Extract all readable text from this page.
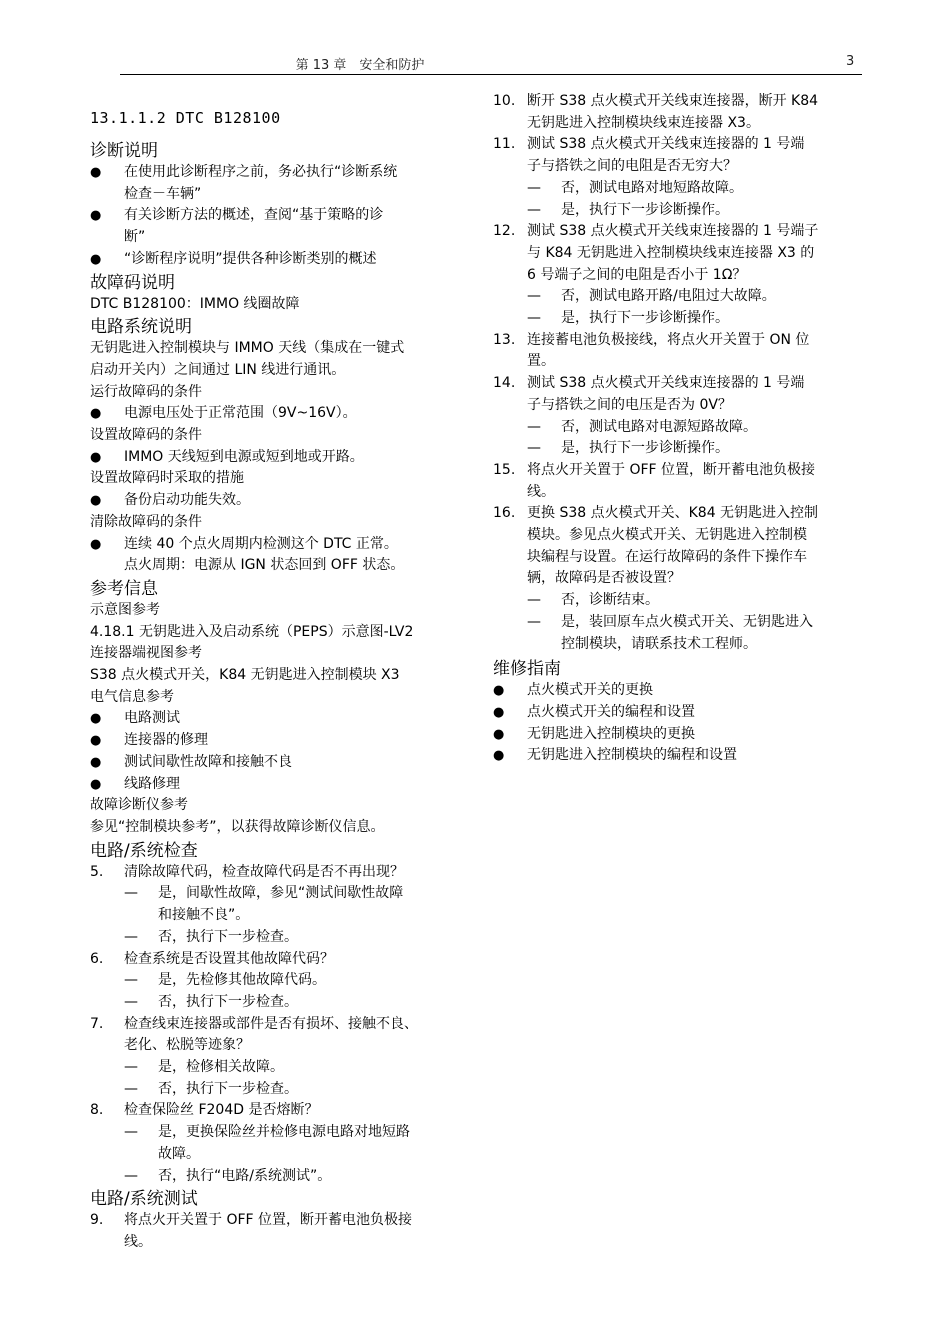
第 13 章　安全和防护	3
13.1.1.2 DTC B128100
诊断说明
● 在使用此诊断程序之前，务必执行“诊断系统
检查－车辆”
● 有关诊断方法的概述，查阅“基于策略的诊
断”
● “诊断程序说明”提供各种诊断类别的概述
故障码说明
DTC B128100：IMMO 线圈故障
电路系统说明
无钥匙进入控制模块与 IMMO 天线（集成在一键式
启动开关内）之间通过 LIN 线进行通讯。
运行故障码的条件
● 电源电压处于正常范围（9V~16V）。
设置故障码的条件
● IMMO 天线短到电源或短到地或开路。
设置故障码时采取的措施
● 备份启动功能失效。
清除故障码的条件
● 连续 40 个点火周期内检测这个 DTC 正常。
点火周期：电源从 IGN 状态回到 OFF 状态。
参考信息
示意图参考
4.18.1 无钥匙进入及启动系统（PEPS）示意图-LV2
连接器端视图参考
S38 点火模式开关，K84 无钥匙进入控制模块 X3
电气信息参考
● 电路测试
● 连接器的修理
● 测试间歇性故障和接触不良
● 线路修理
故障诊断仪参考
参见“控制模块参考”，以获得故障诊断仪信息。
电路/系统检查
5. 清除故障代码，检查故障代码是否不再出现？
— 是，间歇性故障，参见“测试间歇性故障
和接触不良”。
— 否，执行下一步检查。
6. 检查系统是否设置其他故障代码？
— 是，先检修其他故障代码。
— 否，执行下一步检查。
7. 检查线束连接器或部件是否有损坏、接触不良、
老化、松脱等迹象？
— 是，检修相关故障。
— 否，执行下一步检查。
8. 检查保险丝 F204D 是否熔断？
— 是，更换保险丝并检修电源电路对地短路
故障。
— 否，执行“电路/系统测试”。
电路/系统测试
9. 将点火开关置于 OFF 位置，断开蓄电池负极接
线。
10. 断开 S38 点火模式开关线束连接器，断开 K84
无钥匙进入控制模块线束连接器 X3。
11. 测试 S38 点火模式开关线束连接器的 1 号端
子与搭铁之间的电阻是否无穷大？
— 否，测试电路对地短路故障。
— 是，执行下一步诊断操作。
12. 测试 S38 点火模式开关线束连接器的 1 号端子
与 K84 无钥匙进入控制模块线束连接器 X3 的
6 号端子之间的电阻是否小于 1Ω？
— 否，测试电路开路/电阻过大故障。
— 是，执行下一步诊断操作。
13. 连接蓄电池负极接线，将点火开关置于 ON 位
置。
14. 测试 S38 点火模式开关线束连接器的 1 号端
子与搭铁之间的电压是否为 0V？
— 否，测试电路对电源短路故障。
— 是，执行下一步诊断操作。
15. 将点火开关置于 OFF 位置，断开蓄电池负极接
线。
16. 更换 S38 点火模式开关、K84 无钥匙进入控制
模块。参见点火模式开关、无钥匙进入控制模
块编程与设置。在运行故障码的条件下操作车
辆，故障码是否被设置？
— 否，诊断结束。
— 是，装回原车点火模式开关、无钥匙进入
控制模块，请联系技术工程师。
维修指南
● 点火模式开关的更换
● 点火模式开关的编程和设置
● 无钥匙进入控制模块的更换
● 无钥匙进入控制模块的编程和设置
